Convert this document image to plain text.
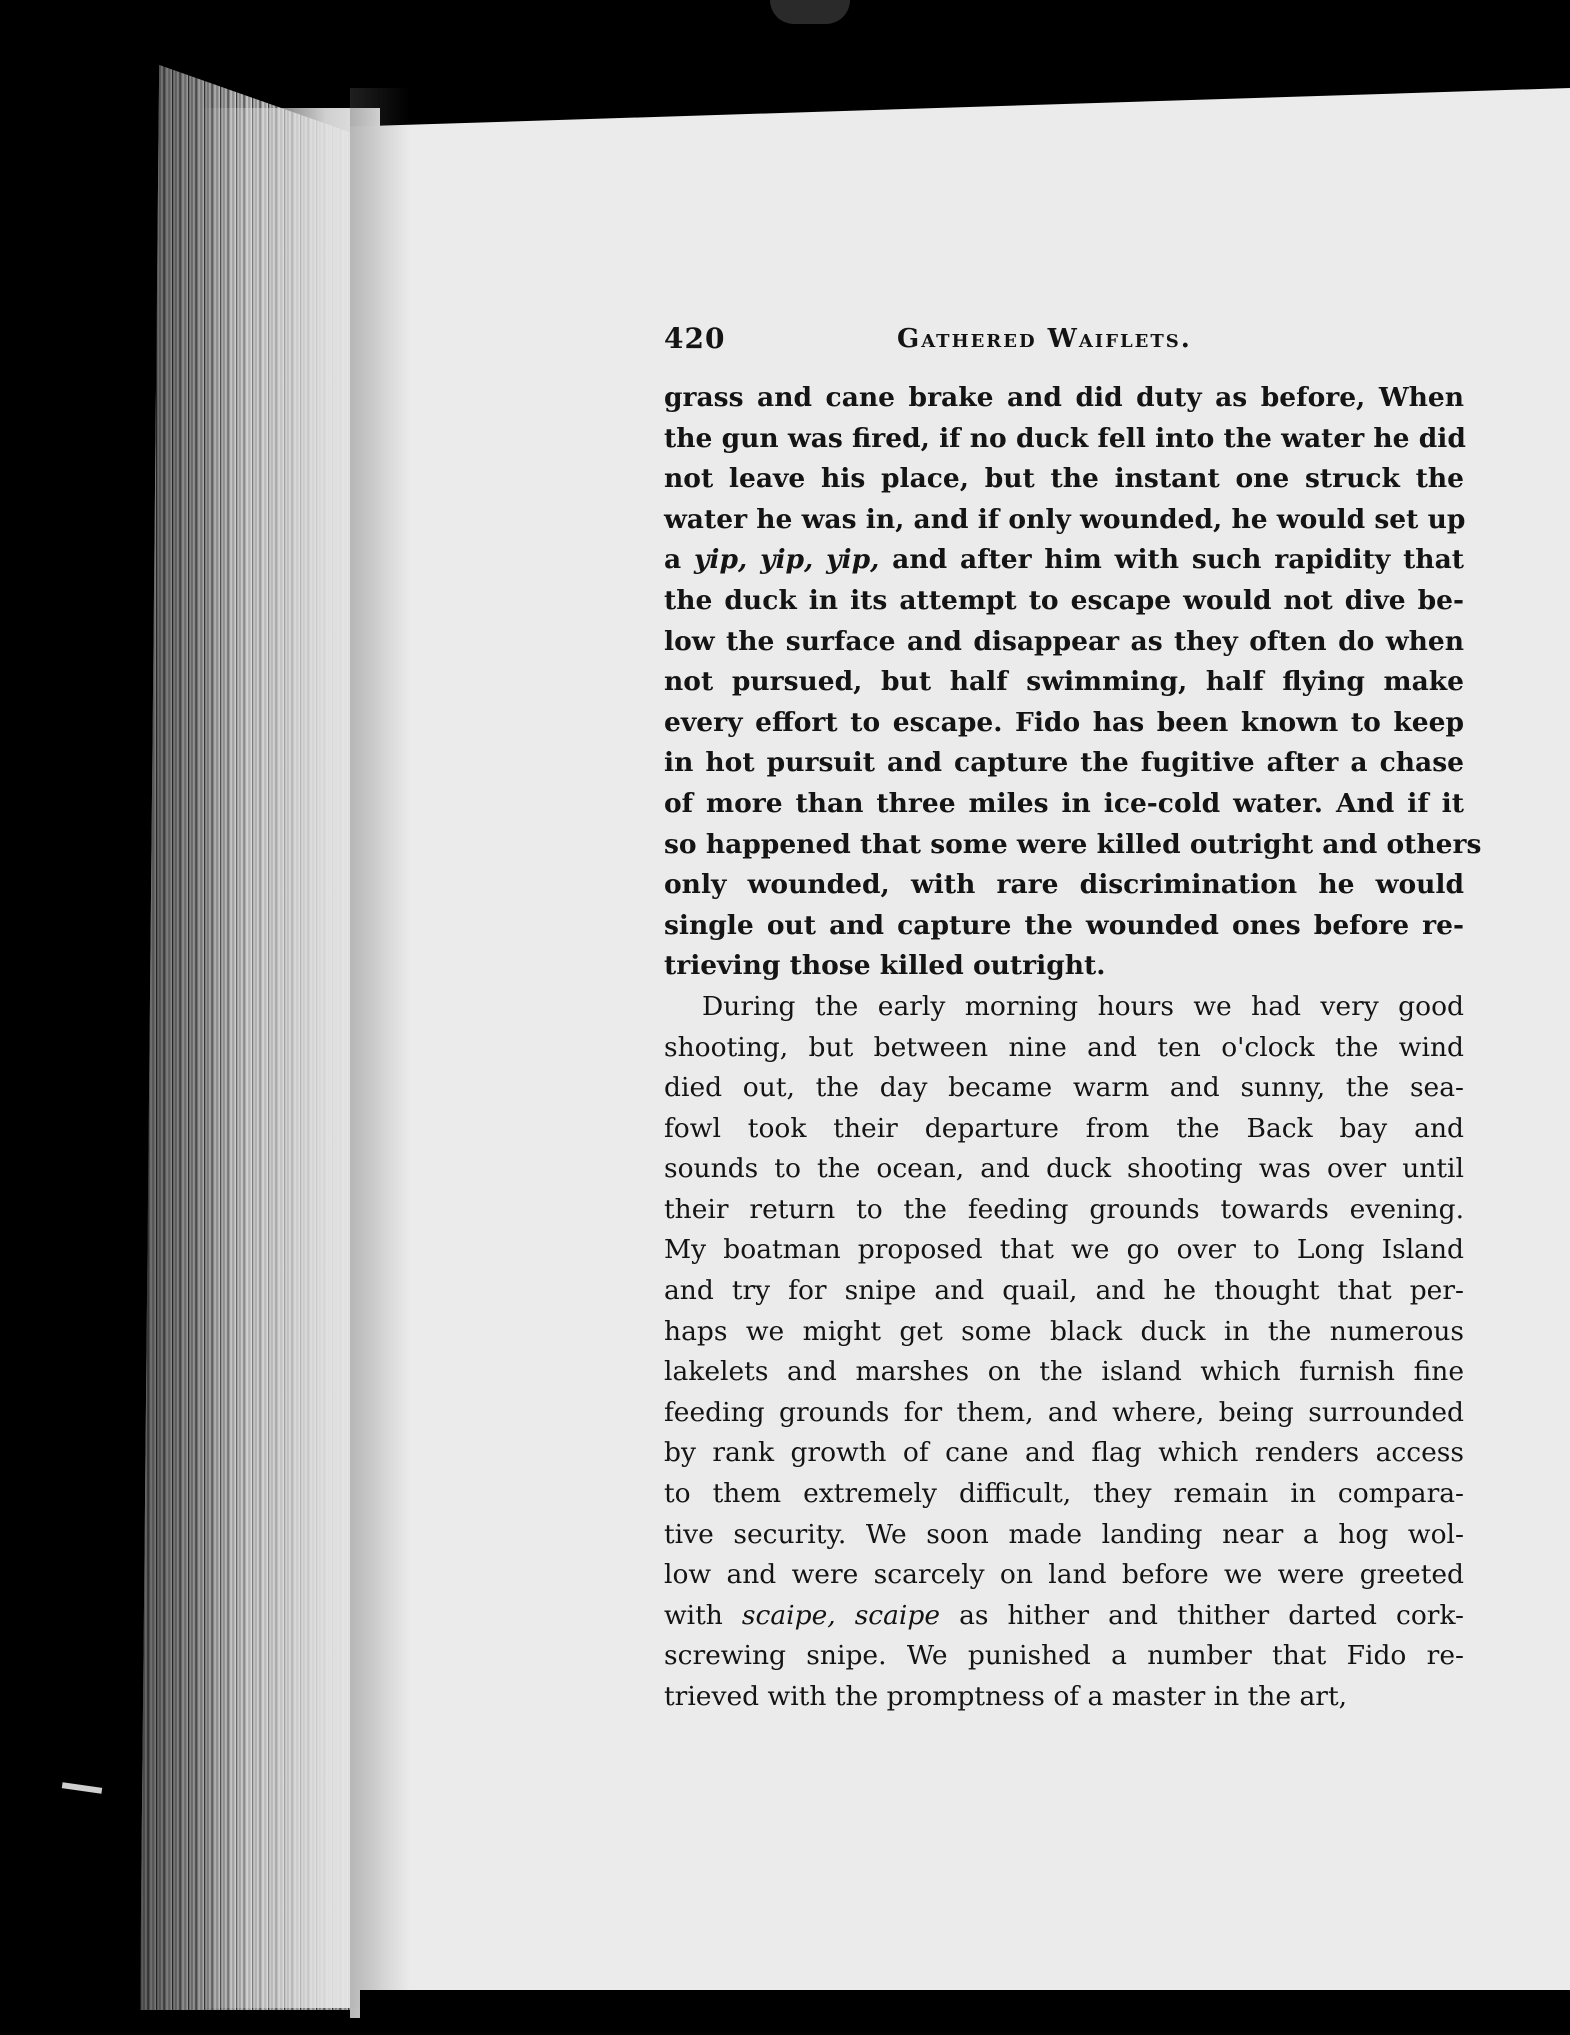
420	Gathered Waiflets.
grass and cane brake and did duty as before, When
the gun was fired, if no duck fell into the water he did
not leave his place, but the instant one struck the
water he was in, and if only wounded, he would set up
a yip, yip, yip, and after him with such rapidity that
the duck in its attempt to escape would not dive be-
low the surface and disappear as they often do when
not pursued, but half swimming, half flying make
every effort to escape. Fido has been known to keep
in hot pursuit and capture the fugitive after a chase
of more than three miles in ice-cold water. And if it
so happened that some were killed outright and others
only wounded, with rare discrimination he would
single out and capture the wounded ones before re-
trieving those killed outright.
During the early morning hours we had very good
shooting, but between nine and ten o'clock the wind
died out, the day became warm and sunny, the sea-
fowl took their departure from the Back bay and
sounds to the ocean, and duck shooting was over until
their return to the feeding grounds towards evening.
My boatman proposed that we go over to Long Island
and try for snipe and quail, and he thought that per-
haps we might get some black duck in the numerous
lakelets and marshes on the island which furnish fine
feeding grounds for them, and where, being surrounded
by rank growth of cane and flag which renders access
to them extremely difficult, they remain in compara-
tive security. We soon made landing near a hog wol-
low and were scarcely on land before we were greeted
with scaipe, scaipe as hither and thither darted cork-
screwing snipe. We punished a number that Fido re-
trieved with the promptness of a master in the art,
